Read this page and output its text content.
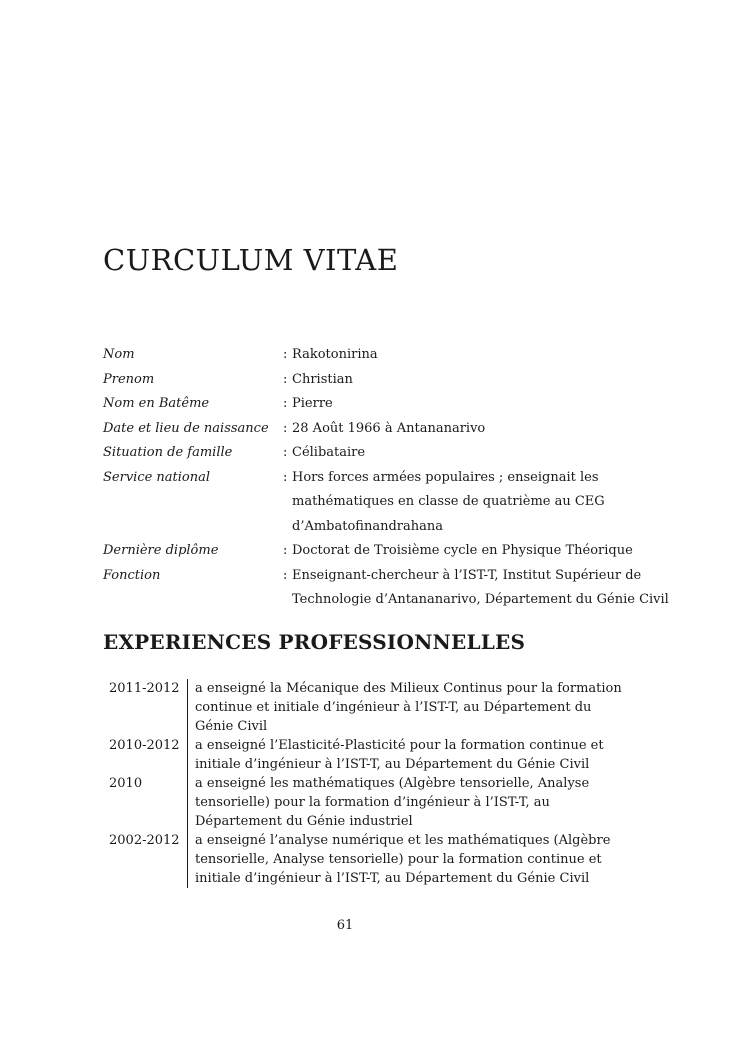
CURCULUM VITAE
Nom	: Rakotonirina
Prenom	: Christian
Nom en Batême	: Pierre
Date et lieu de naissance	: 28 Août 1966 à Antananarivo
Situation de famille	: Célibataire
Service national	: Hors forces armées populaires ; enseignait les mathématiques en classe de quatrième au CEG d’Ambatofinandrahana
Dernière diplôme	: Doctorat de Troisième cycle en Physique Théorique
Fonction	: Enseignant-chercheur à l’IST-T, Institut Supérieur de Technologie d’Antananarivo, Département du Génie Civil
EXPERIENCES PROFESSIONNELLES
2011-2012	a enseigné la Mécanique des Milieux Continus pour la formation continue et initiale d’ingénieur à l’IST-T, au Département du Génie Civil
2010-2012	a enseigné l’Elasticité-Plasticité pour la formation continue et initiale d’ingénieur à l’IST-T, au Département du Génie Civil
2010	a enseigné les mathématiques (Algèbre tensorielle, Analyse tensorielle) pour la formation d’ingénieur à l’IST-T, au Département du Génie industriel
2002-2012	a enseigné l’analyse numérique et les mathématiques (Algèbre tensorielle, Analyse tensorielle) pour la formation continue et initiale d’ingénieur à l’IST-T, au Département du Génie Civil
61
